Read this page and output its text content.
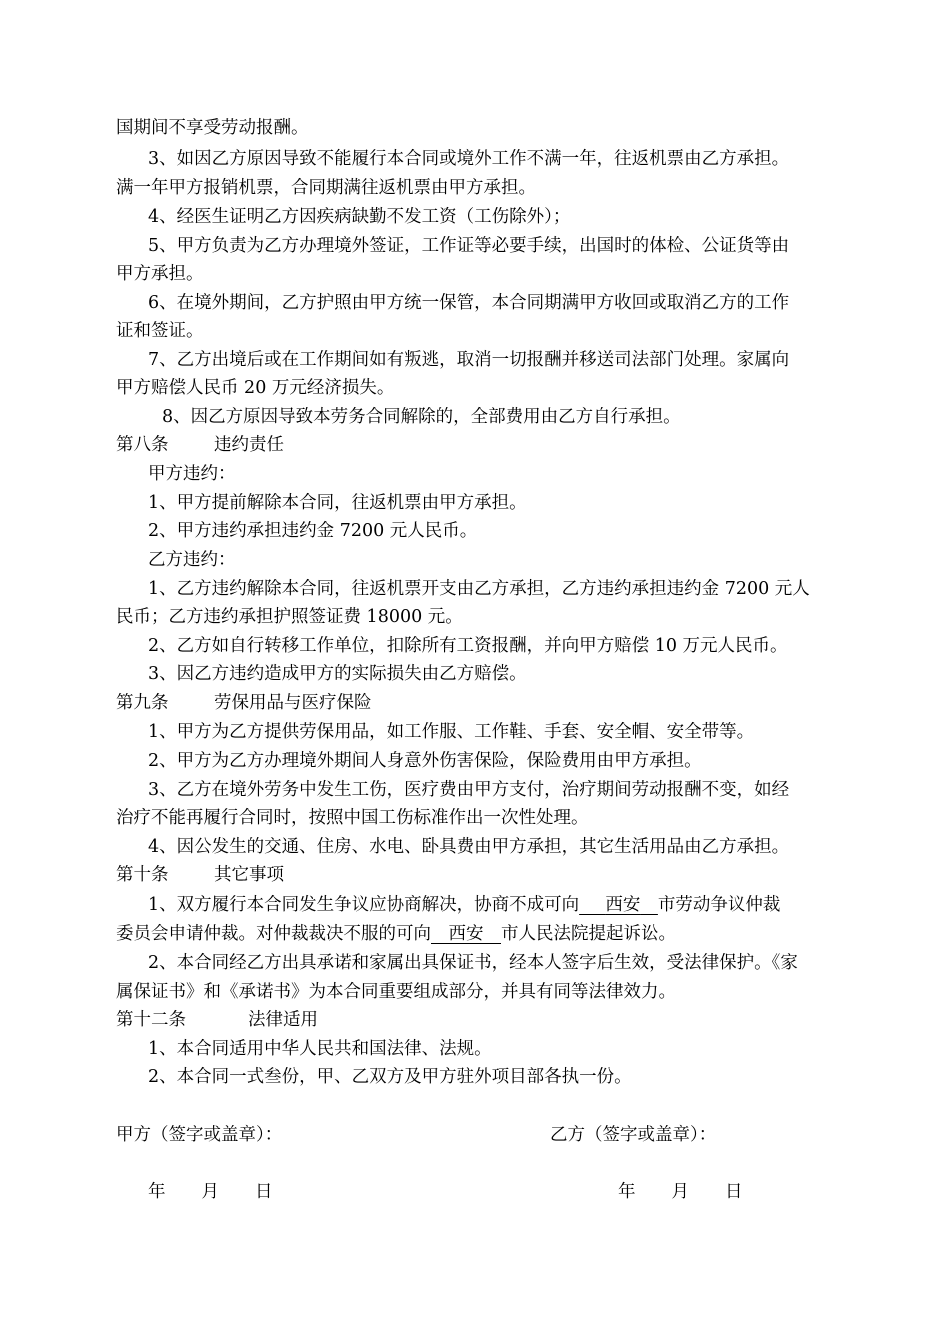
国期间不享受劳动报酬。
3、如因乙方原因导致不能履行本合同或境外工作不满一年，往返机票由乙方承担。
满一年甲方报销机票，合同期满往返机票由甲方承担。
4、经医生证明乙方因疾病缺勤不发工资（工伤除外）；
5、甲方负责为乙方办理境外签证，工作证等必要手续，出国时的体检、公证货等由
甲方承担。
6、在境外期间，乙方护照由甲方统一保管，本合同期满甲方收回或取消乙方的工作
证和签证。
7、乙方出境后或在工作期间如有叛逃，取消一切报酬并移送司法部门处理。家属向
甲方赔偿人民币 20 万元经济损失。
8、因乙方原因导致本劳务合同解除的，全部费用由乙方自行承担。
第八条	违约责任
甲方违约：
1、甲方提前解除本合同，往返机票由甲方承担。
2、甲方违约承担违约金 7200 元人民币。
乙方违约：
1、乙方违约解除本合同，往返机票开支由乙方承担，乙方违约承担违约金 7200 元人
民币；乙方违约承担护照签证费 18000 元。
2、乙方如自行转移工作单位，扣除所有工资报酬，并向甲方赔偿 10 万元人民币。
3、因乙方违约造成甲方的实际损失由乙方赔偿。
第九条	劳保用品与医疗保险
1、甲方为乙方提供劳保用品，如工作服、工作鞋、手套、安全帽、安全带等。
2、甲方为乙方办理境外期间人身意外伤害保险，保险费用由甲方承担。
3、乙方在境外劳务中发生工伤，医疗费由甲方支付，治疗期间劳动报酬不变，如经
治疗不能再履行合同时，按照中国工伤标准作出一次性处理。
4、因公发生的交通、住房、水电、卧具费由甲方承担，其它生活用品由乙方承担。
第十条	其它事项
1、双方履行本合同发生争议应协商解决，协商不成可向   西安  市劳动争议仲裁
委员会申请仲裁。对仲裁裁决不服的可向   西安  市人民法院提起诉讼。
2、本合同经乙方出具承诺和家属出具保证书，经本人签字后生效，受法律保护。《家
属保证书》和《承诺书》为本合同重要组成部分，并具有同等法律效力。
第十二条	法律适用
1、本合同适用中华人民共和国法律、法规。
2、本合同一式叁份，甲、乙双方及甲方驻外项目部各执一份。
甲方（签字或盖章）：	乙方（签字或盖章）：
年 月 日	年 月 日
